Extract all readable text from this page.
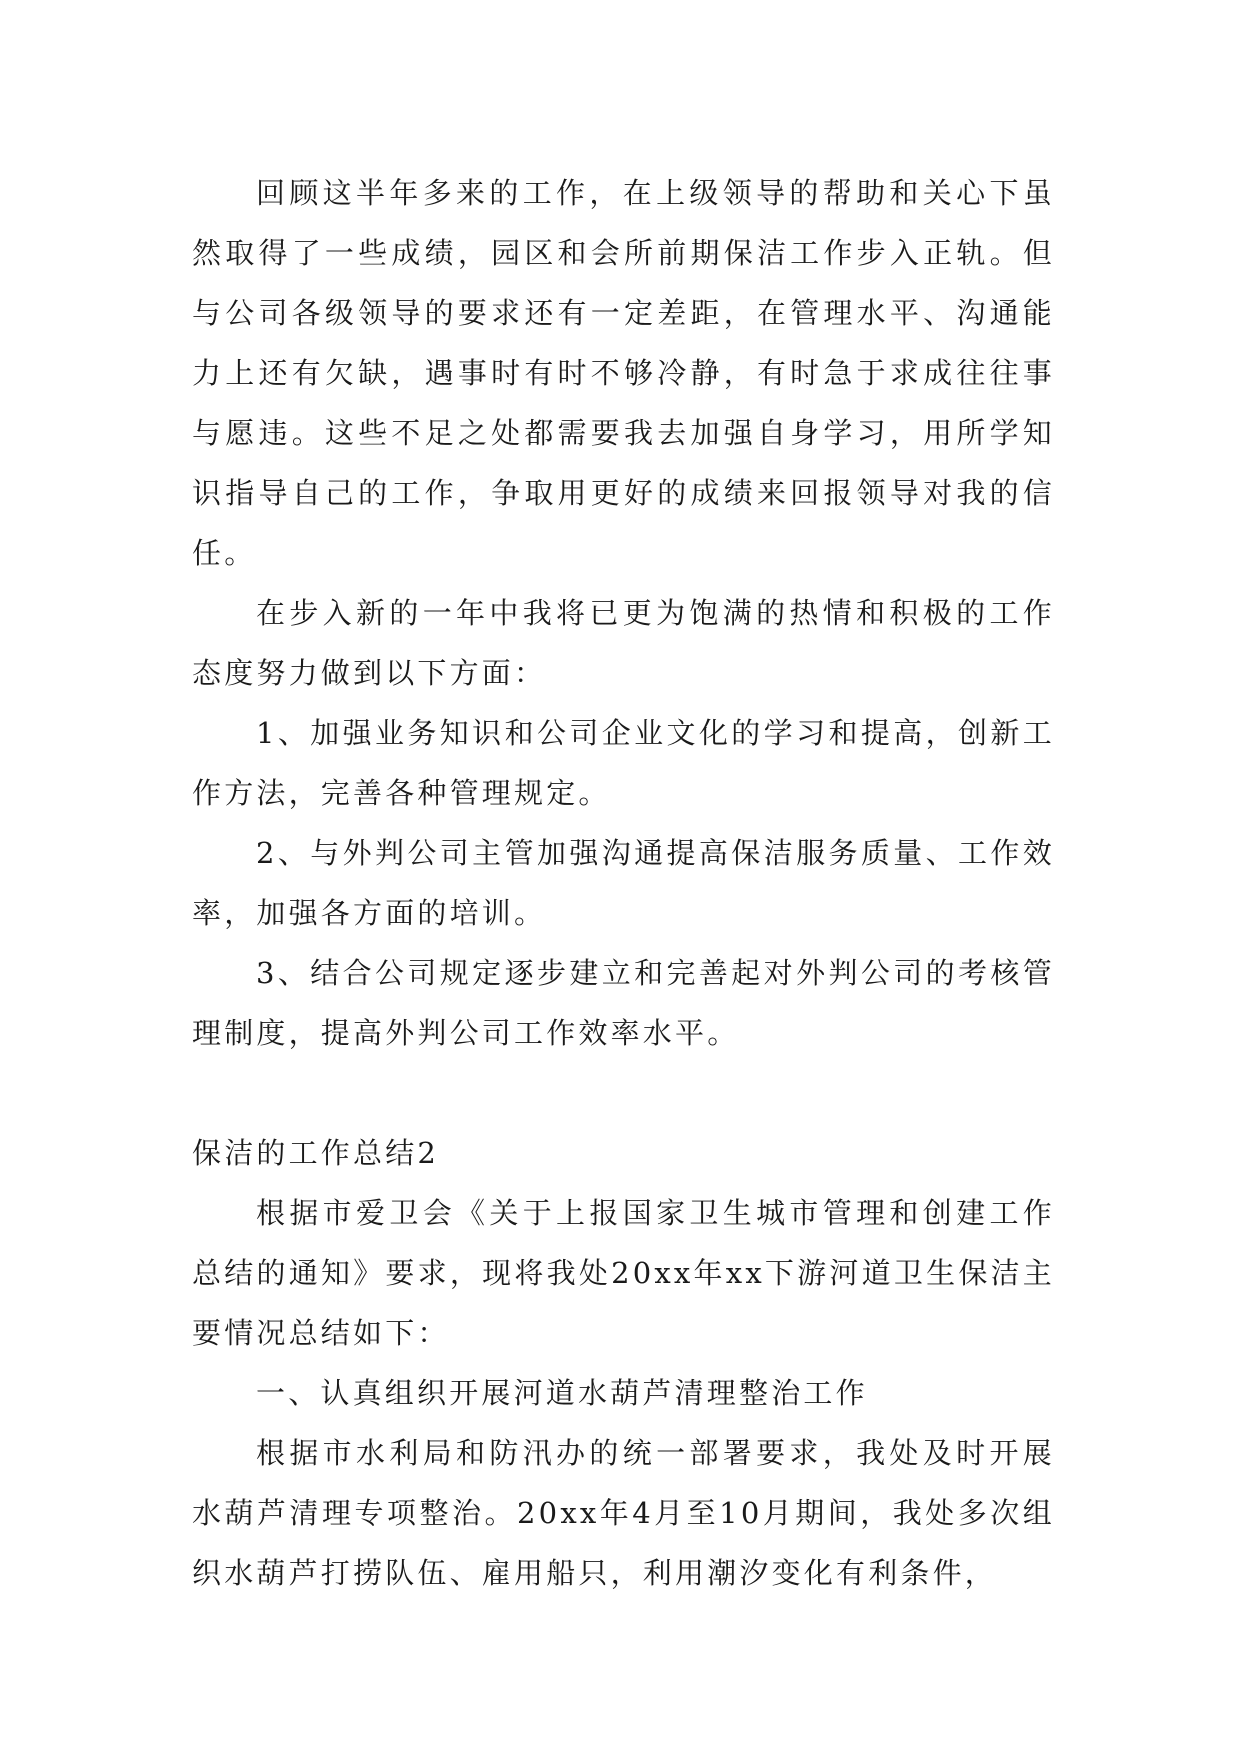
回顾这半年多来的工作，在上级领导的帮助和关心下虽然取得了一些成绩，园区和会所前期保洁工作步入正轨。但与公司各级领导的要求还有一定差距，在管理水平、沟通能力上还有欠缺，遇事时有时不够冷静，有时急于求成往往事与愿违。这些不足之处都需要我去加强自身学习，用所学知识指导自己的工作，争取用更好的成绩来回报领导对我的信任。

在步入新的一年中我将已更为饱满的热情和积极的工作态度努力做到以下方面：

1、加强业务知识和公司企业文化的学习和提高，创新工作方法，完善各种管理规定。

2、与外判公司主管加强沟通提高保洁服务质量、工作效率，加强各方面的培训。

3、结合公司规定逐步建立和完善起对外判公司的考核管理制度，提高外判公司工作效率水平。

保洁的工作总结2

根据市爱卫会《关于上报国家卫生城市管理和创建工作总结的通知》要求，现将我处20xx年xx下游河道卫生保洁主要情况总结如下：

一、认真组织开展河道水葫芦清理整治工作

根据市水利局和防汛办的统一部署要求，我处及时开展水葫芦清理专项整治。20xx年4月至10月期间，我处多次组织水葫芦打捞队伍、雇用船只，利用潮汐变化有利条件，
